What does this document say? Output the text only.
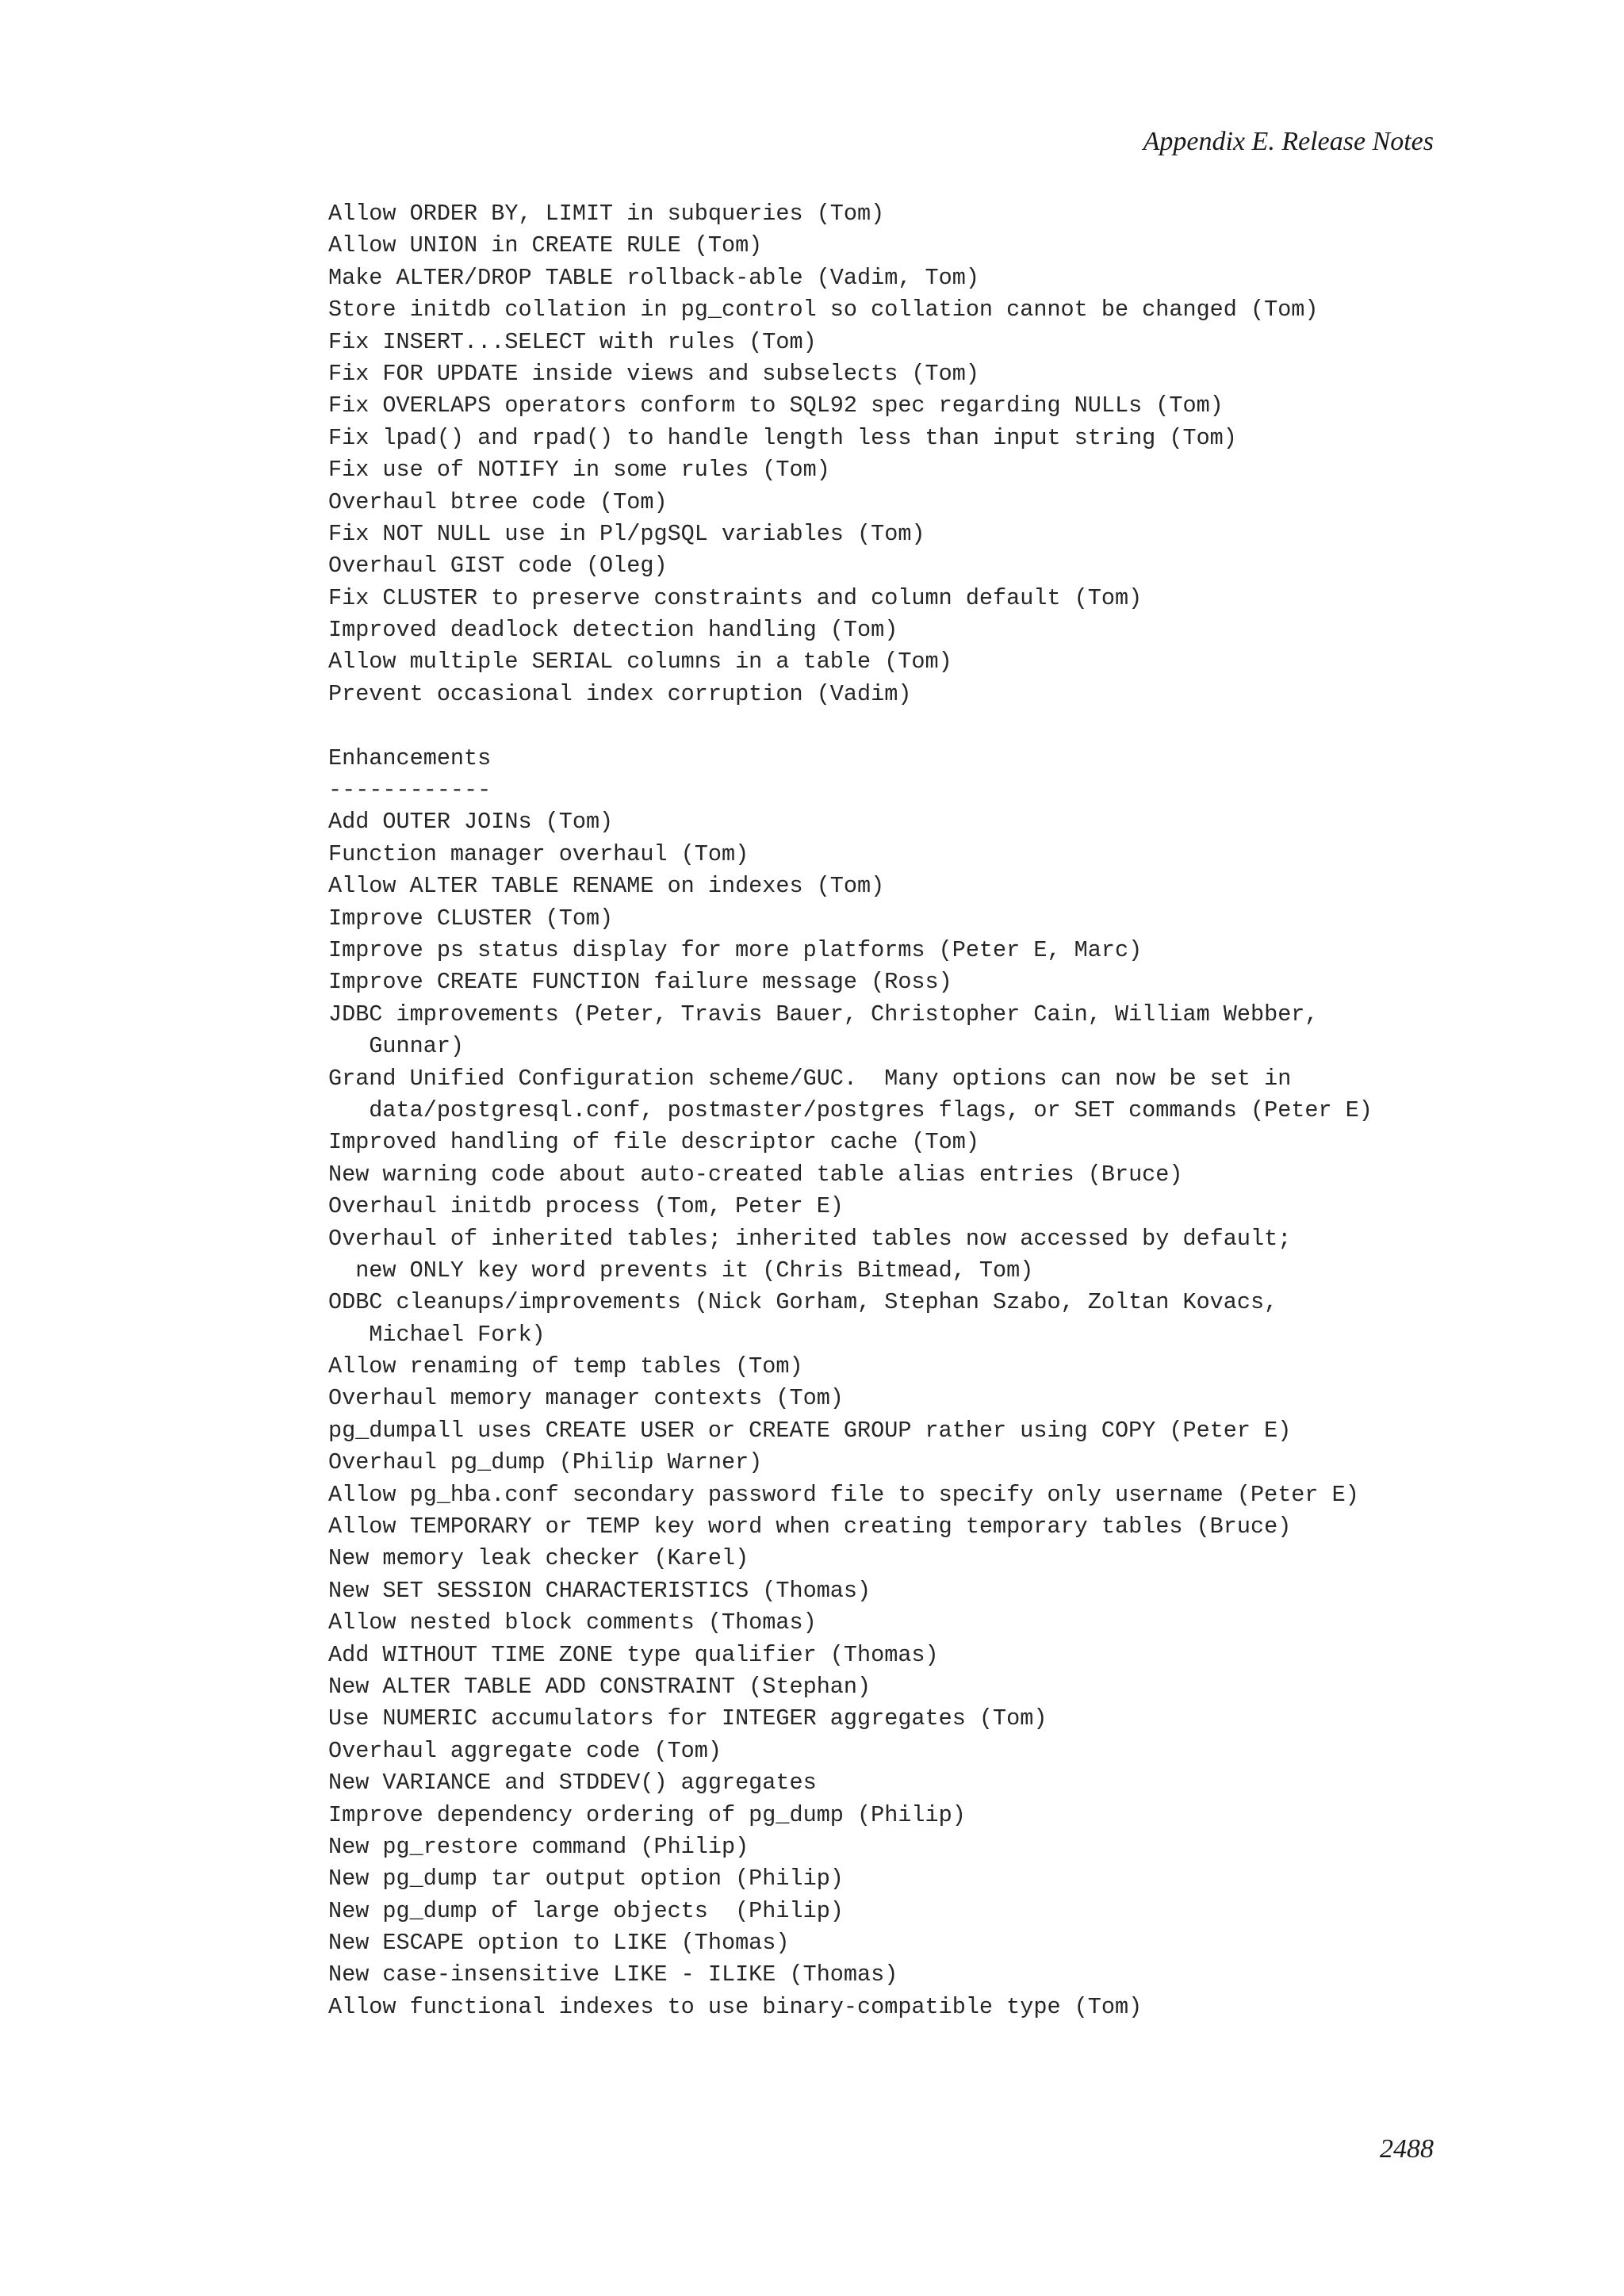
Appendix E. Release Notes

Allow ORDER BY, LIMIT in subqueries (Tom)
Allow UNION in CREATE RULE (Tom)
Make ALTER/DROP TABLE rollback-able (Vadim, Tom)
Store initdb collation in pg_control so collation cannot be changed (Tom)
Fix INSERT...SELECT with rules (Tom)
Fix FOR UPDATE inside views and subselects (Tom)
Fix OVERLAPS operators conform to SQL92 spec regarding NULLs (Tom)
Fix lpad() and rpad() to handle length less than input string (Tom)
Fix use of NOTIFY in some rules (Tom)
Overhaul btree code (Tom)
Fix NOT NULL use in Pl/pgSQL variables (Tom)
Overhaul GIST code (Oleg)
Fix CLUSTER to preserve constraints and column default (Tom)
Improved deadlock detection handling (Tom)
Allow multiple SERIAL columns in a table (Tom)
Prevent occasional index corruption (Vadim)
Enhancements
------------
Add OUTER JOINs (Tom)
Function manager overhaul (Tom)
Allow ALTER TABLE RENAME on indexes (Tom)
Improve CLUSTER (Tom)
Improve ps status display for more platforms (Peter E, Marc)
Improve CREATE FUNCTION failure message (Ross)
JDBC improvements (Peter, Travis Bauer, Christopher Cain, William Webber,
Gunnar)
Grand Unified Configuration scheme/GUC.  Many options can now be set in
data/postgresql.conf, postmaster/postgres flags, or SET commands (Peter E)
Improved handling of file descriptor cache (Tom)
New warning code about auto-created table alias entries (Bruce)
Overhaul initdb process (Tom, Peter E)
Overhaul of inherited tables; inherited tables now accessed by default;
new ONLY key word prevents it (Chris Bitmead, Tom)
ODBC cleanups/improvements (Nick Gorham, Stephan Szabo, Zoltan Kovacs,
Michael Fork)
Allow renaming of temp tables (Tom)
Overhaul memory manager contexts (Tom)
pg_dumpall uses CREATE USER or CREATE GROUP rather using COPY (Peter E)
Overhaul pg_dump (Philip Warner)
Allow pg_hba.conf secondary password file to specify only username (Peter E)
Allow TEMPORARY or TEMP key word when creating temporary tables (Bruce)
New memory leak checker (Karel)
New SET SESSION CHARACTERISTICS (Thomas)
Allow nested block comments (Thomas)
Add WITHOUT TIME ZONE type qualifier (Thomas)
New ALTER TABLE ADD CONSTRAINT (Stephan)
Use NUMERIC accumulators for INTEGER aggregates (Tom)
Overhaul aggregate code (Tom)
New VARIANCE and STDDEV() aggregates
Improve dependency ordering of pg_dump (Philip)
New pg_restore command (Philip)
New pg_dump tar output option (Philip)
New pg_dump of large objects  (Philip)
New ESCAPE option to LIKE (Thomas)
New case-insensitive LIKE - ILIKE (Thomas)
Allow functional indexes to use binary-compatible type (Tom)

2488
